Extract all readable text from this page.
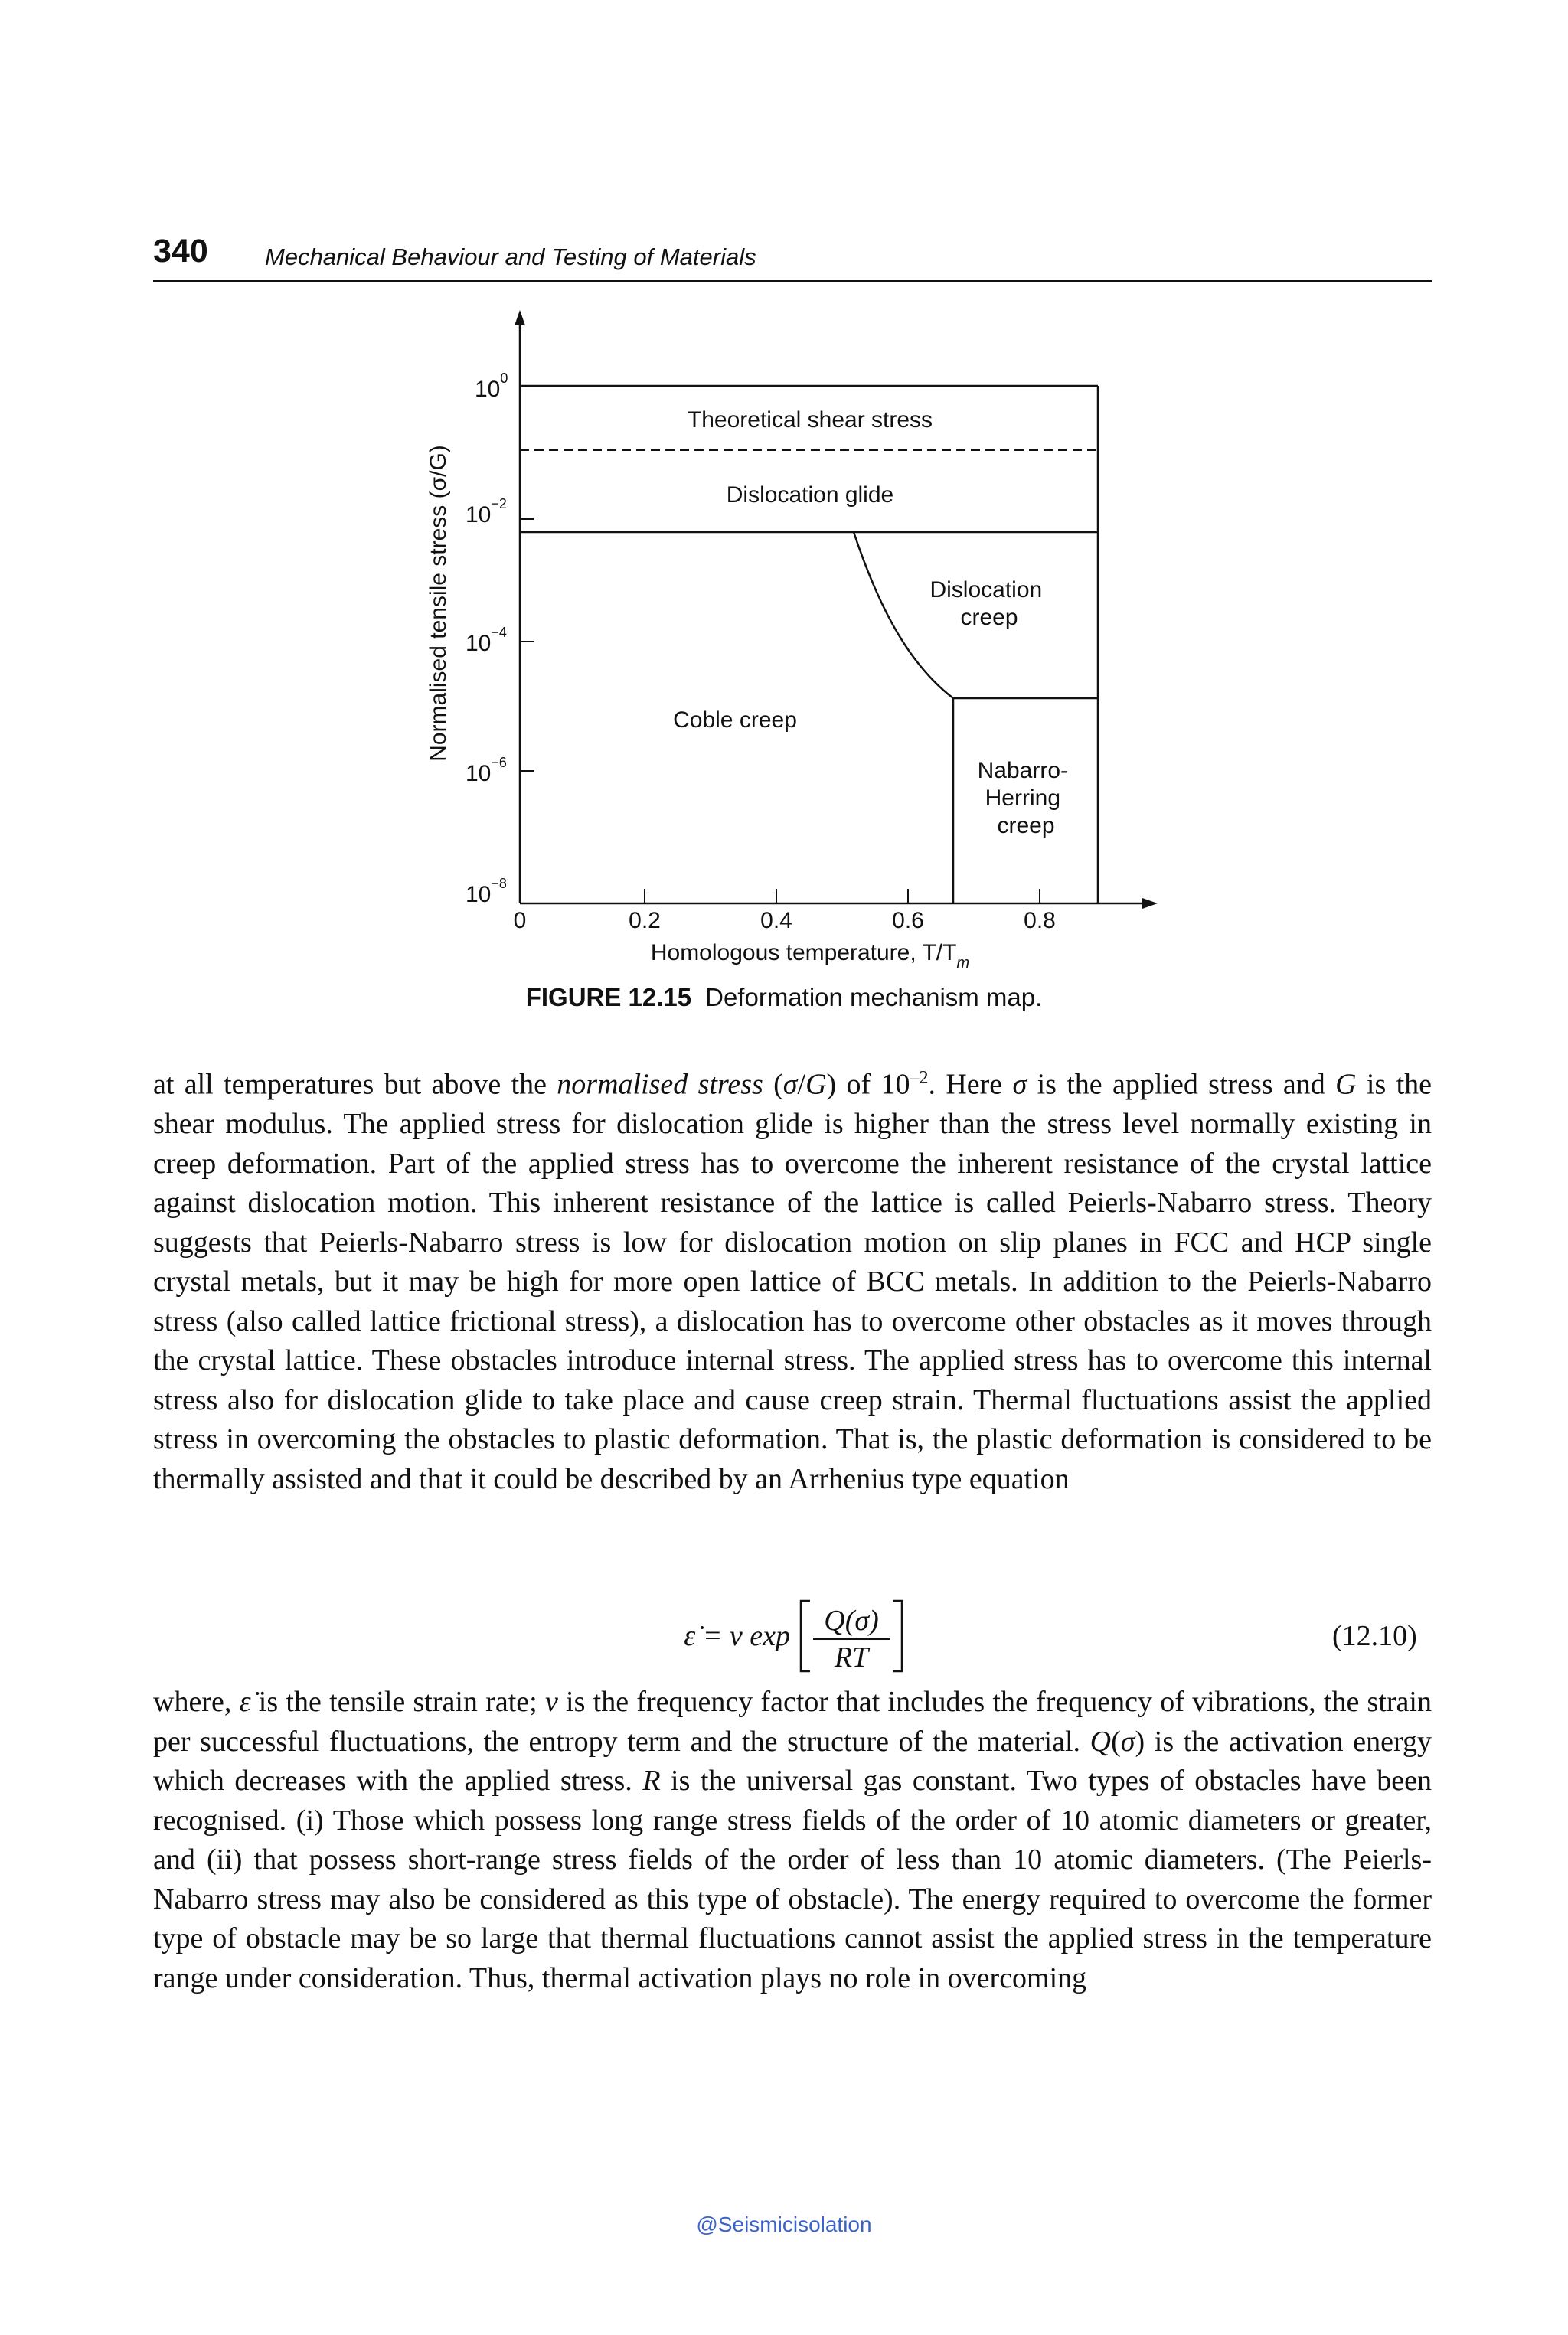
340 Mechanical Behaviour and Testing of Materials
$10^0$
$10^{-2}$
$10^{-4}$
$10^{-6}$
$10^{-8}$
Normalised tensile stress (σ/G)
0	0.2	0.4	0.6	0.8
Homologous temperature, $T/T_m$
Theoretical shear stress
Dislocation glide
Dislocation creep
Coble creep
Nabarro- Herring creep
FIGURE 12.15 Deformation mechanism map.

at all temperatures but above the normalised stress (σ/G) of $10^{-2}$. Here σ is the applied stress and G is the shear modulus. The applied stress for dislocation glide is higher than the stress level normally existing in creep deformation. Part of the applied stress has to overcome the inherent resistance of the crystal lattice against dislocation motion. This inherent resistance of the lattice is called Peierls-Nabarro stress. Theory suggests that Peierls-Nabarro stress is low for dislocation motion on slip planes in FCC and HCP single crystal metals, but it may be high for more open lattice of BCC metals. In addition to the Peierls-Nabarro stress (also called lattice frictional stress), a dislocation has to overcome other obstacles as it moves through the crystal lattice. These obstacles introduce internal stress. The applied stress has to overcome this internal stress also for dislocation glide to take place and cause creep strain. Thermal fluctuations assist the applied stress in overcoming the obstacles to plastic deformation. That is, the plastic deformation is considered to be thermally assisted and that it could be described by an Arrhenius type equation

ε̇ = ν exp Q(σ)
RT
(12.10)

where, ε̇ is the tensile strain rate; ν is the frequency factor that includes the frequency of vibrations, the strain per successful fluctuations, the entropy term and the structure of the material. Q(σ) is the activation energy which decreases with the applied stress. R is the universal gas constant. Two types of obstacles have been recognised. (i) Those which possess long range stress fields of the order of 10 atomic diameters or greater, and (ii) that possess short-range stress fields of the order of less than 10 atomic diameters. (The Peierls-Nabarro stress may also be considered as this type of obstacle). The energy required to overcome the former type of obstacle may be so large that thermal fluctuations cannot assist the applied stress in the temperature range under consideration. Thus, thermal activation plays no role in overcoming

@Seismicisolation
